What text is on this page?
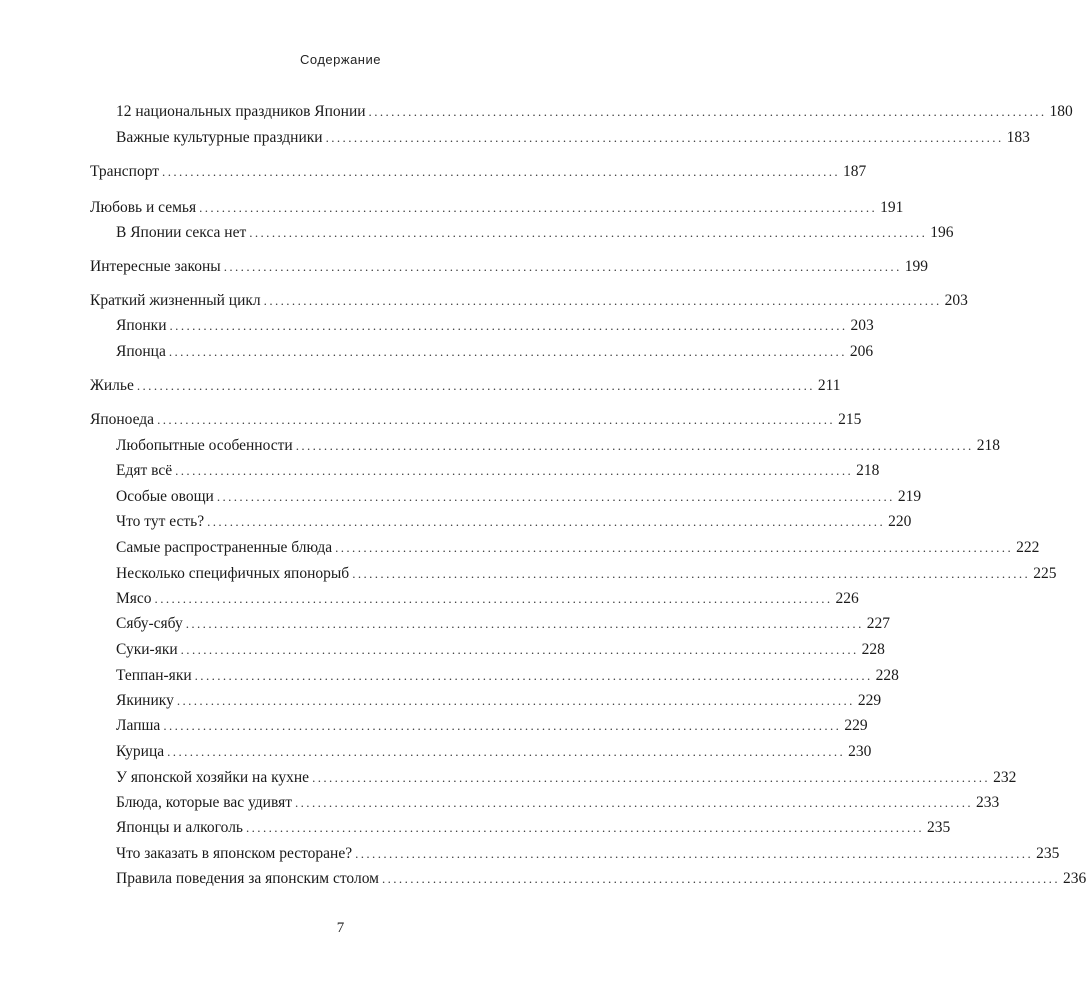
Содержание
12 национальных праздников Японии ........................................................................................................................ 180
Важные культурные праздники ........................................................................................................................ 183
Транспорт ........................................................................................................................ 187
Любовь и семья ........................................................................................................................ 191
В Японии секса нет ........................................................................................................................ 196
Интересные законы ........................................................................................................................ 199
Краткий жизненный цикл ........................................................................................................................ 203
Японки ........................................................................................................................ 203
Японца ........................................................................................................................ 206
Жилье ........................................................................................................................ 211
Японоеда ........................................................................................................................ 215
Любопытные особенности ........................................................................................................................ 218
Едят всё ........................................................................................................................ 218
Особые овощи ........................................................................................................................ 219
Что тут есть? ........................................................................................................................ 220
Самые распространенные блюда ........................................................................................................................ 222
Несколько специфичных японорыб ........................................................................................................................ 225
Мясо ........................................................................................................................ 226
Сябу-сябу ........................................................................................................................ 227
Суки-яки ........................................................................................................................ 228
Теппан-яки ........................................................................................................................ 228
Якинику ........................................................................................................................ 229
Лапша ........................................................................................................................ 229
Курица ........................................................................................................................ 230
У японской хозяйки на кухне ........................................................................................................................ 232
Блюда, которые вас удивят ........................................................................................................................ 233
Японцы и алкоголь ........................................................................................................................ 235
Что заказать в японском ресторане? ........................................................................................................................ 235
Правила поведения за японским столом ........................................................................................................................ 236
7
